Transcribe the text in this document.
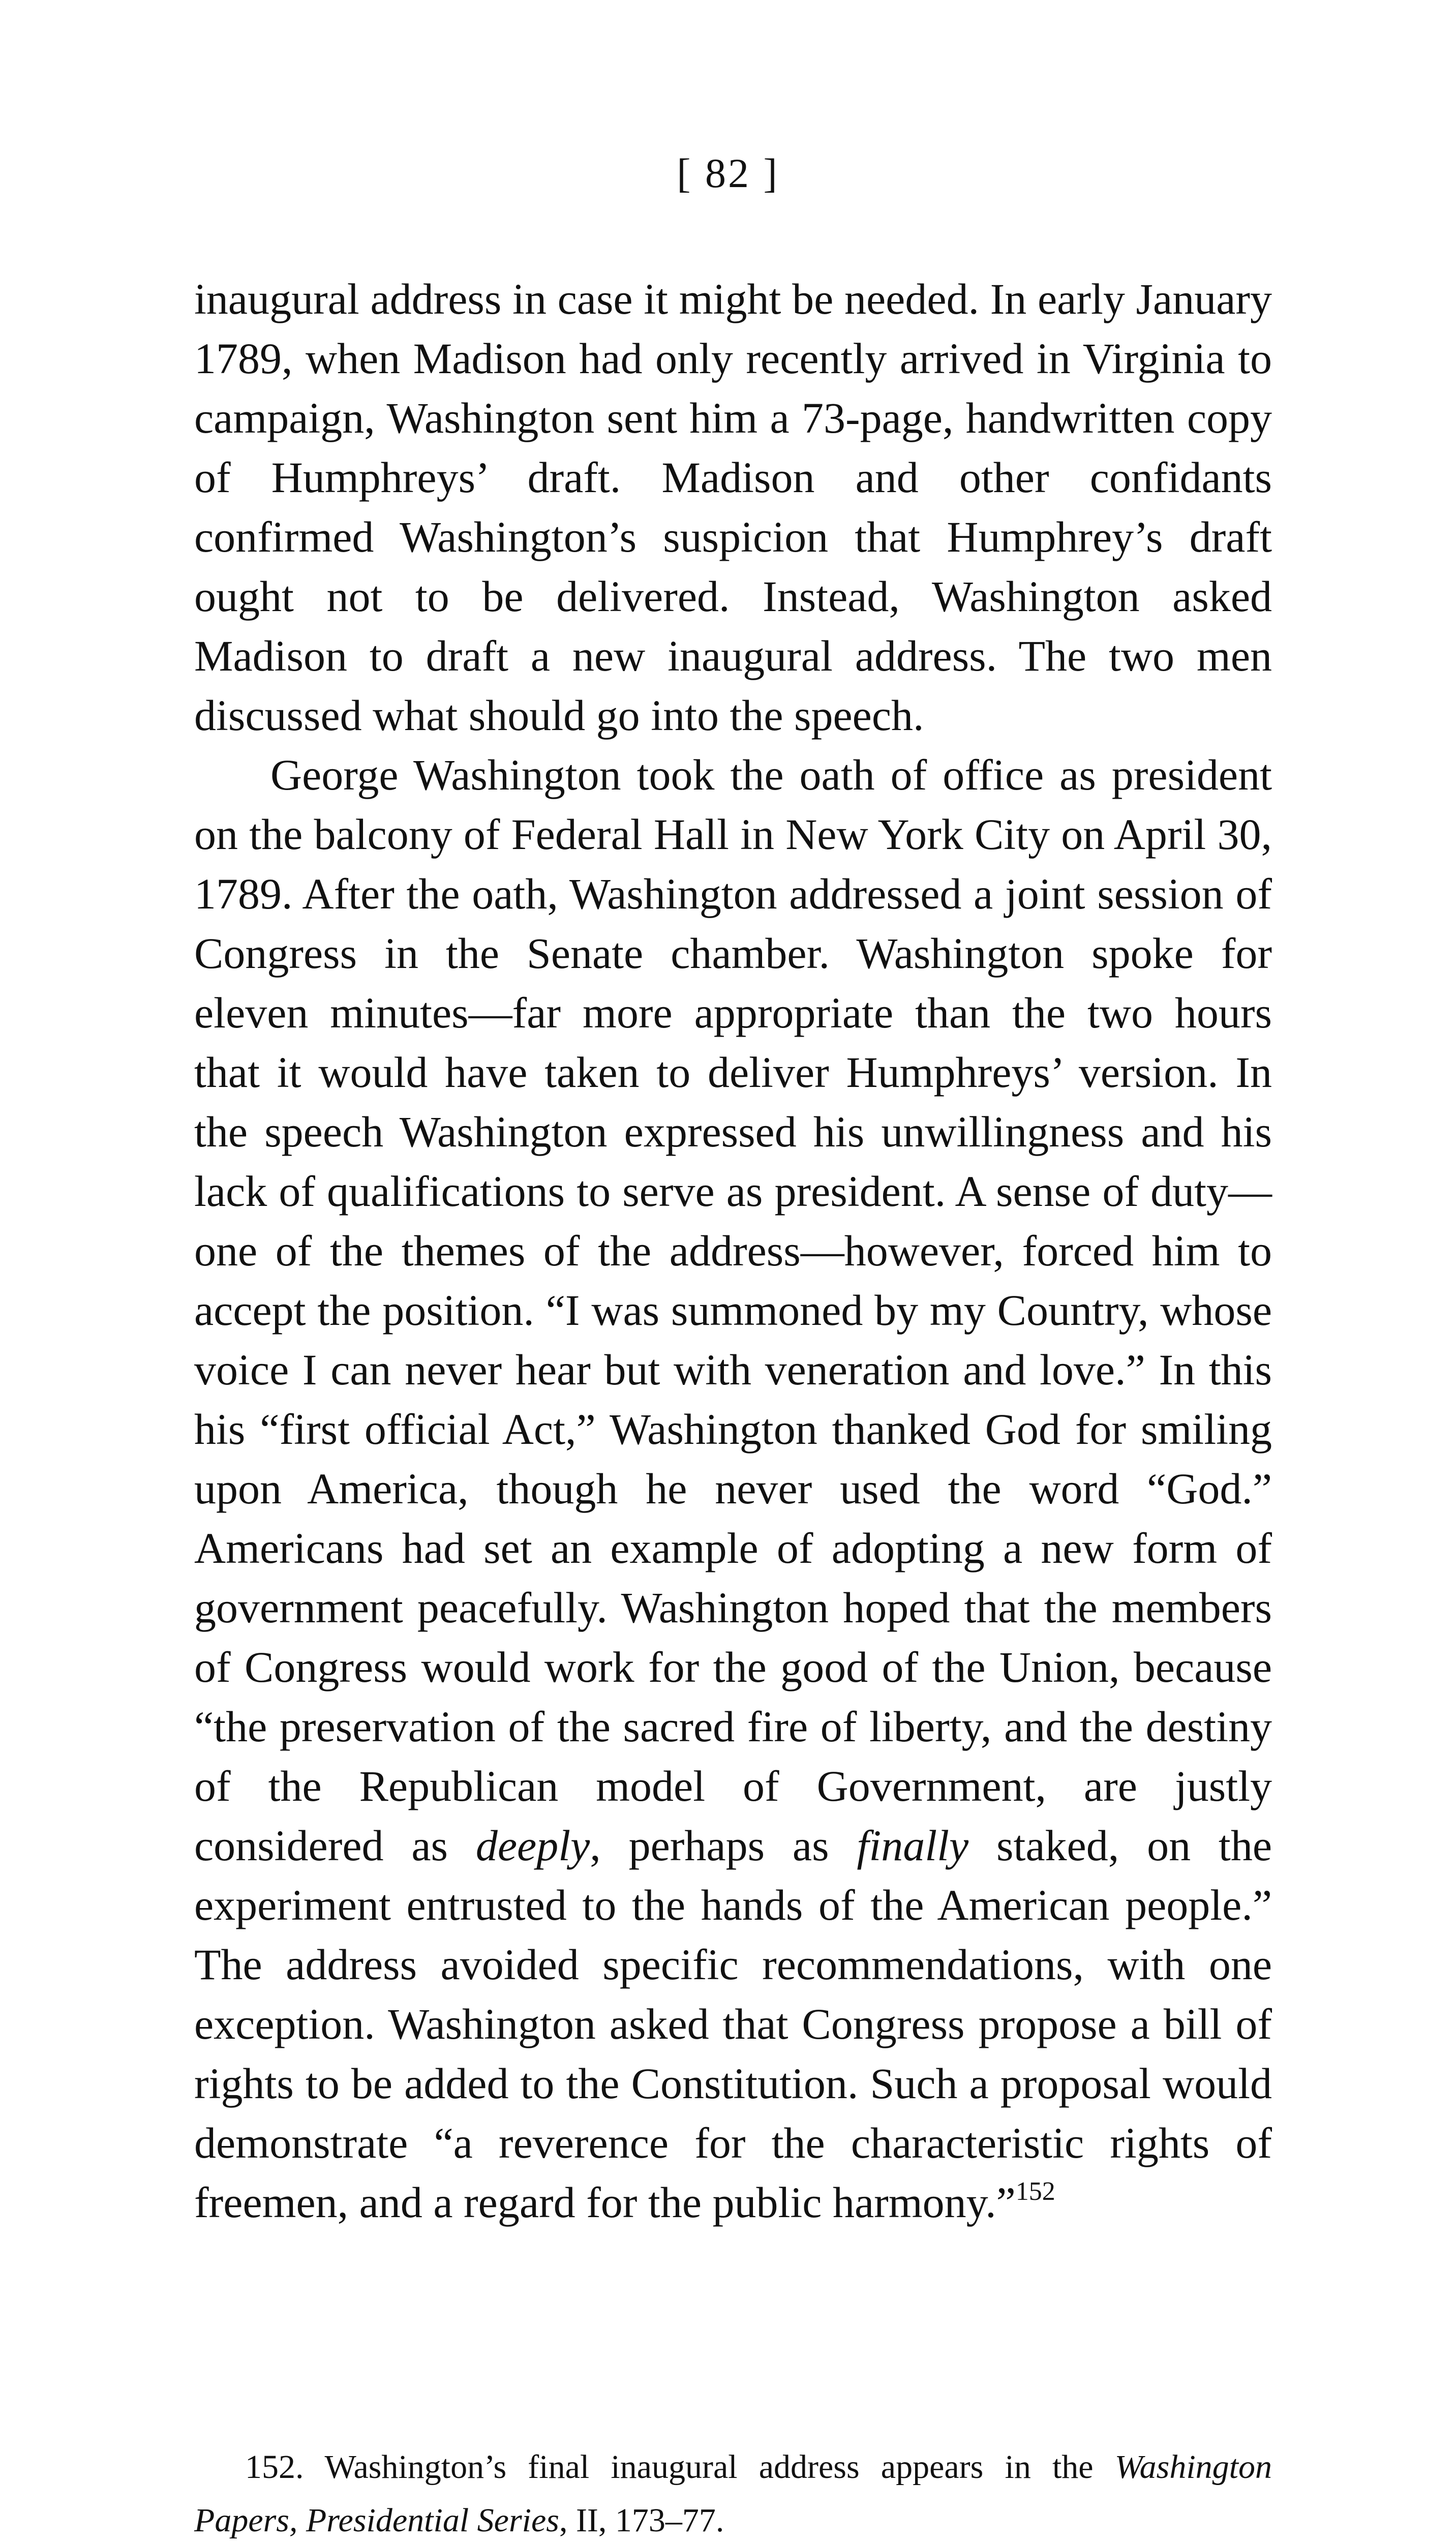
[ 82 ]

inaugural address in case it might be needed. In early January 1789, when Madison had only recently arrived in Virginia to campaign, Washington sent him a 73-page, handwritten copy of Humphreys’ draft. Madison and other confidants confirmed Washington’s suspicion that Humphrey’s draft ought not to be delivered. Instead, Washington asked Madison to draft a new inaugural address. The two men discussed what should go into the speech.

George Washington took the oath of office as president on the balcony of Federal Hall in New York City on April 30, 1789. After the oath, Washington addressed a joint session of Congress in the Senate chamber. Washington spoke for eleven minutes—far more appropriate than the two hours that it would have taken to deliver Humphreys’ version. In the speech Washington expressed his unwillingness and his lack of qualifications to serve as president. A sense of duty—one of the themes of the address—however, forced him to accept the position. “I was summoned by my Country, whose voice I can never hear but with veneration and love.” In this his “first official Act,” Washington thanked God for smiling upon America, though he never used the word “God.” Americans had set an example of adopting a new form of government peacefully. Washington hoped that the members of Congress would work for the good of the Union, because “the preservation of the sacred fire of liberty, and the destiny of the Republican model of Government, are justly considered as deeply, perhaps as finally staked, on the experiment entrusted to the hands of the American people.” The address avoided specific recommendations, with one exception. Washington asked that Congress propose a bill of rights to be added to the Constitution. Such a proposal would demonstrate “a reverence for the characteristic rights of freemen, and a regard for the public harmony.”$^{152}$

152. Washington’s final inaugural address appears in the Washington Papers, Presidential Series, II, 173–77.
